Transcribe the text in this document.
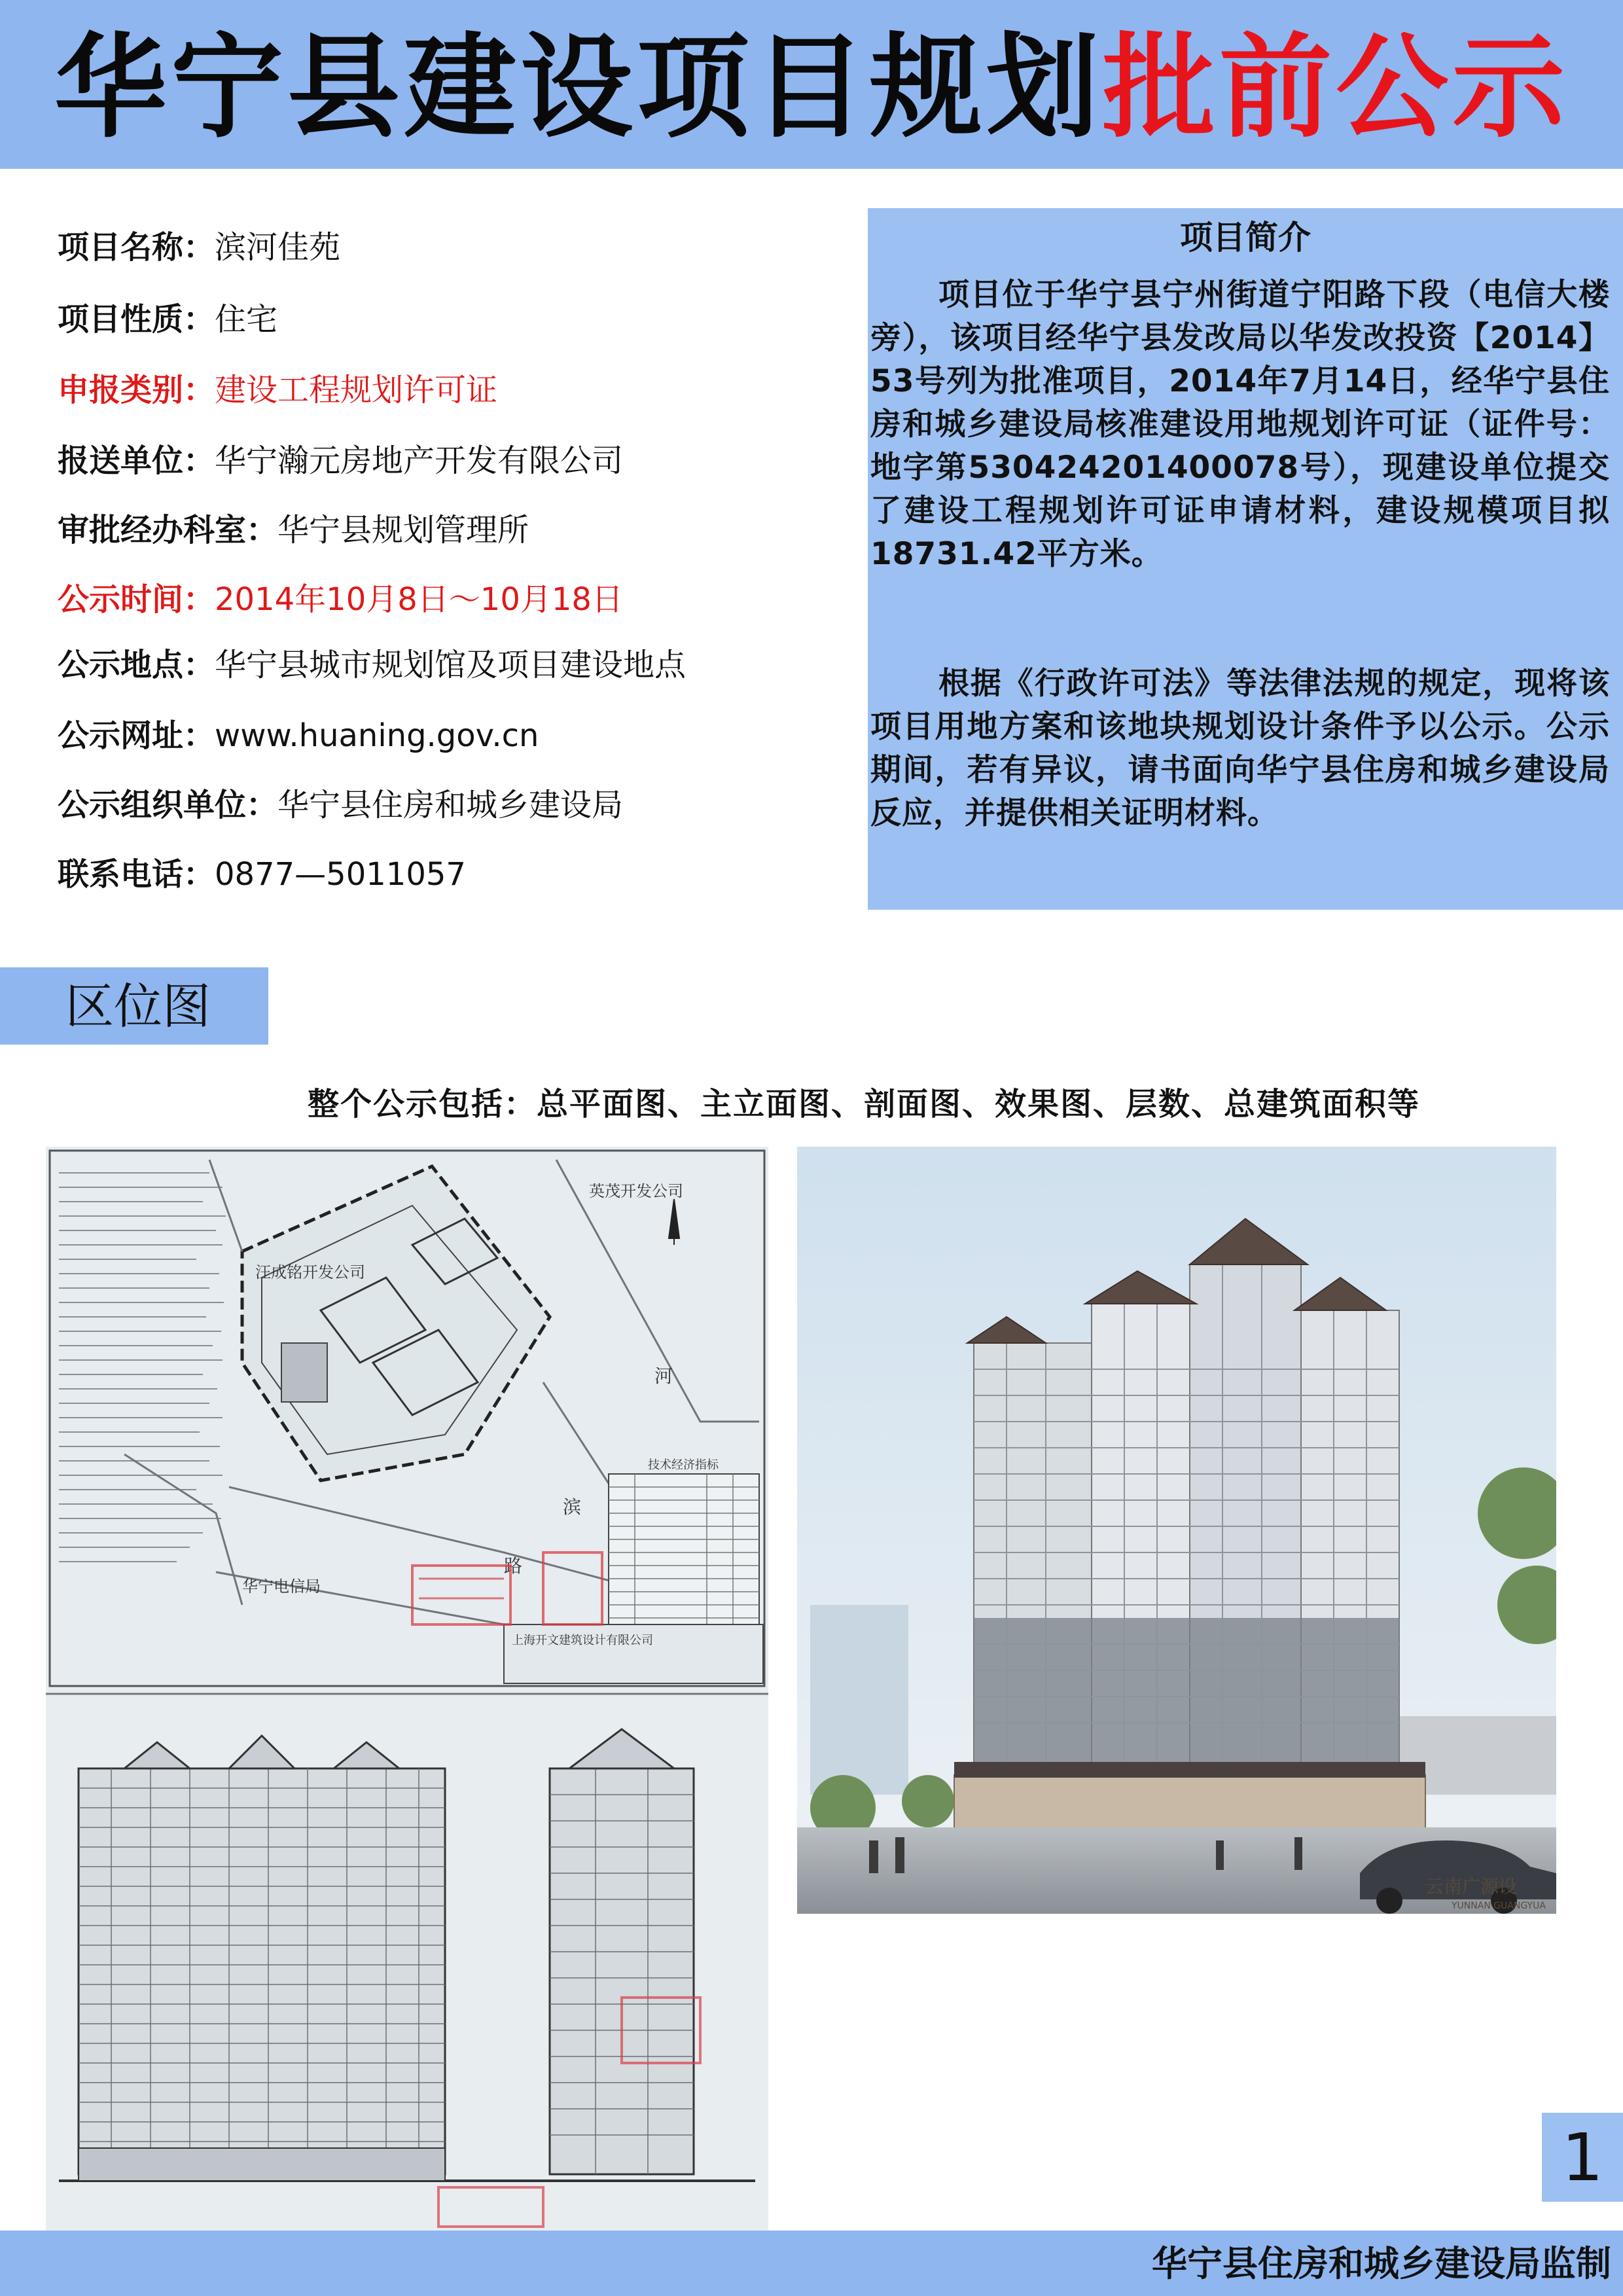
华宁县建设项目规划批前公示
项目名称：滨河佳苑
项目性质：住宅
申报类别：建设工程规划许可证
报送单位：华宁瀚元房地产开发有限公司
审批经办科室：华宁县规划管理所
公示时间：2014年10月8日～10月18日
公示地点：华宁县城市规划馆及项目建设地点
公示网址：www.huaning.gov.cn
公示组织单位：华宁县住房和城乡建设局
联系电话：0877—5011057
项目简介
项目位于华宁县宁州街道宁阳路下段（电信大楼旁），该项目经华宁县发改局以华发改投资【2014】53号列为批准项目，2014年7月14日，经华宁县住房和城乡建设局核准建设用地规划许可证（证件号：地字第530424201400078号），现建设单位提交了建设工程规划许可证申请材料，建设规模项目拟18731.42平方米。
根据《行政许可法》等法律法规的规定，现将该项目用地方案和该地块规划设计条件予以公示。公示期间，若有异议，请书面向华宁县住房和城乡建设局反应，并提供相关证明材料。
区位图
整个公示包括：总平面图、主立面图、剖面图、效果图、层数、总建筑面积等
英茂开发公司
汪成铭开发公司
华宁电信局
河
滨
路
技术经济指标
上海开文建筑设计有限公司
云南广源设
YUNNAN GUANGYUA
1
华宁县住房和城乡建设局监制
